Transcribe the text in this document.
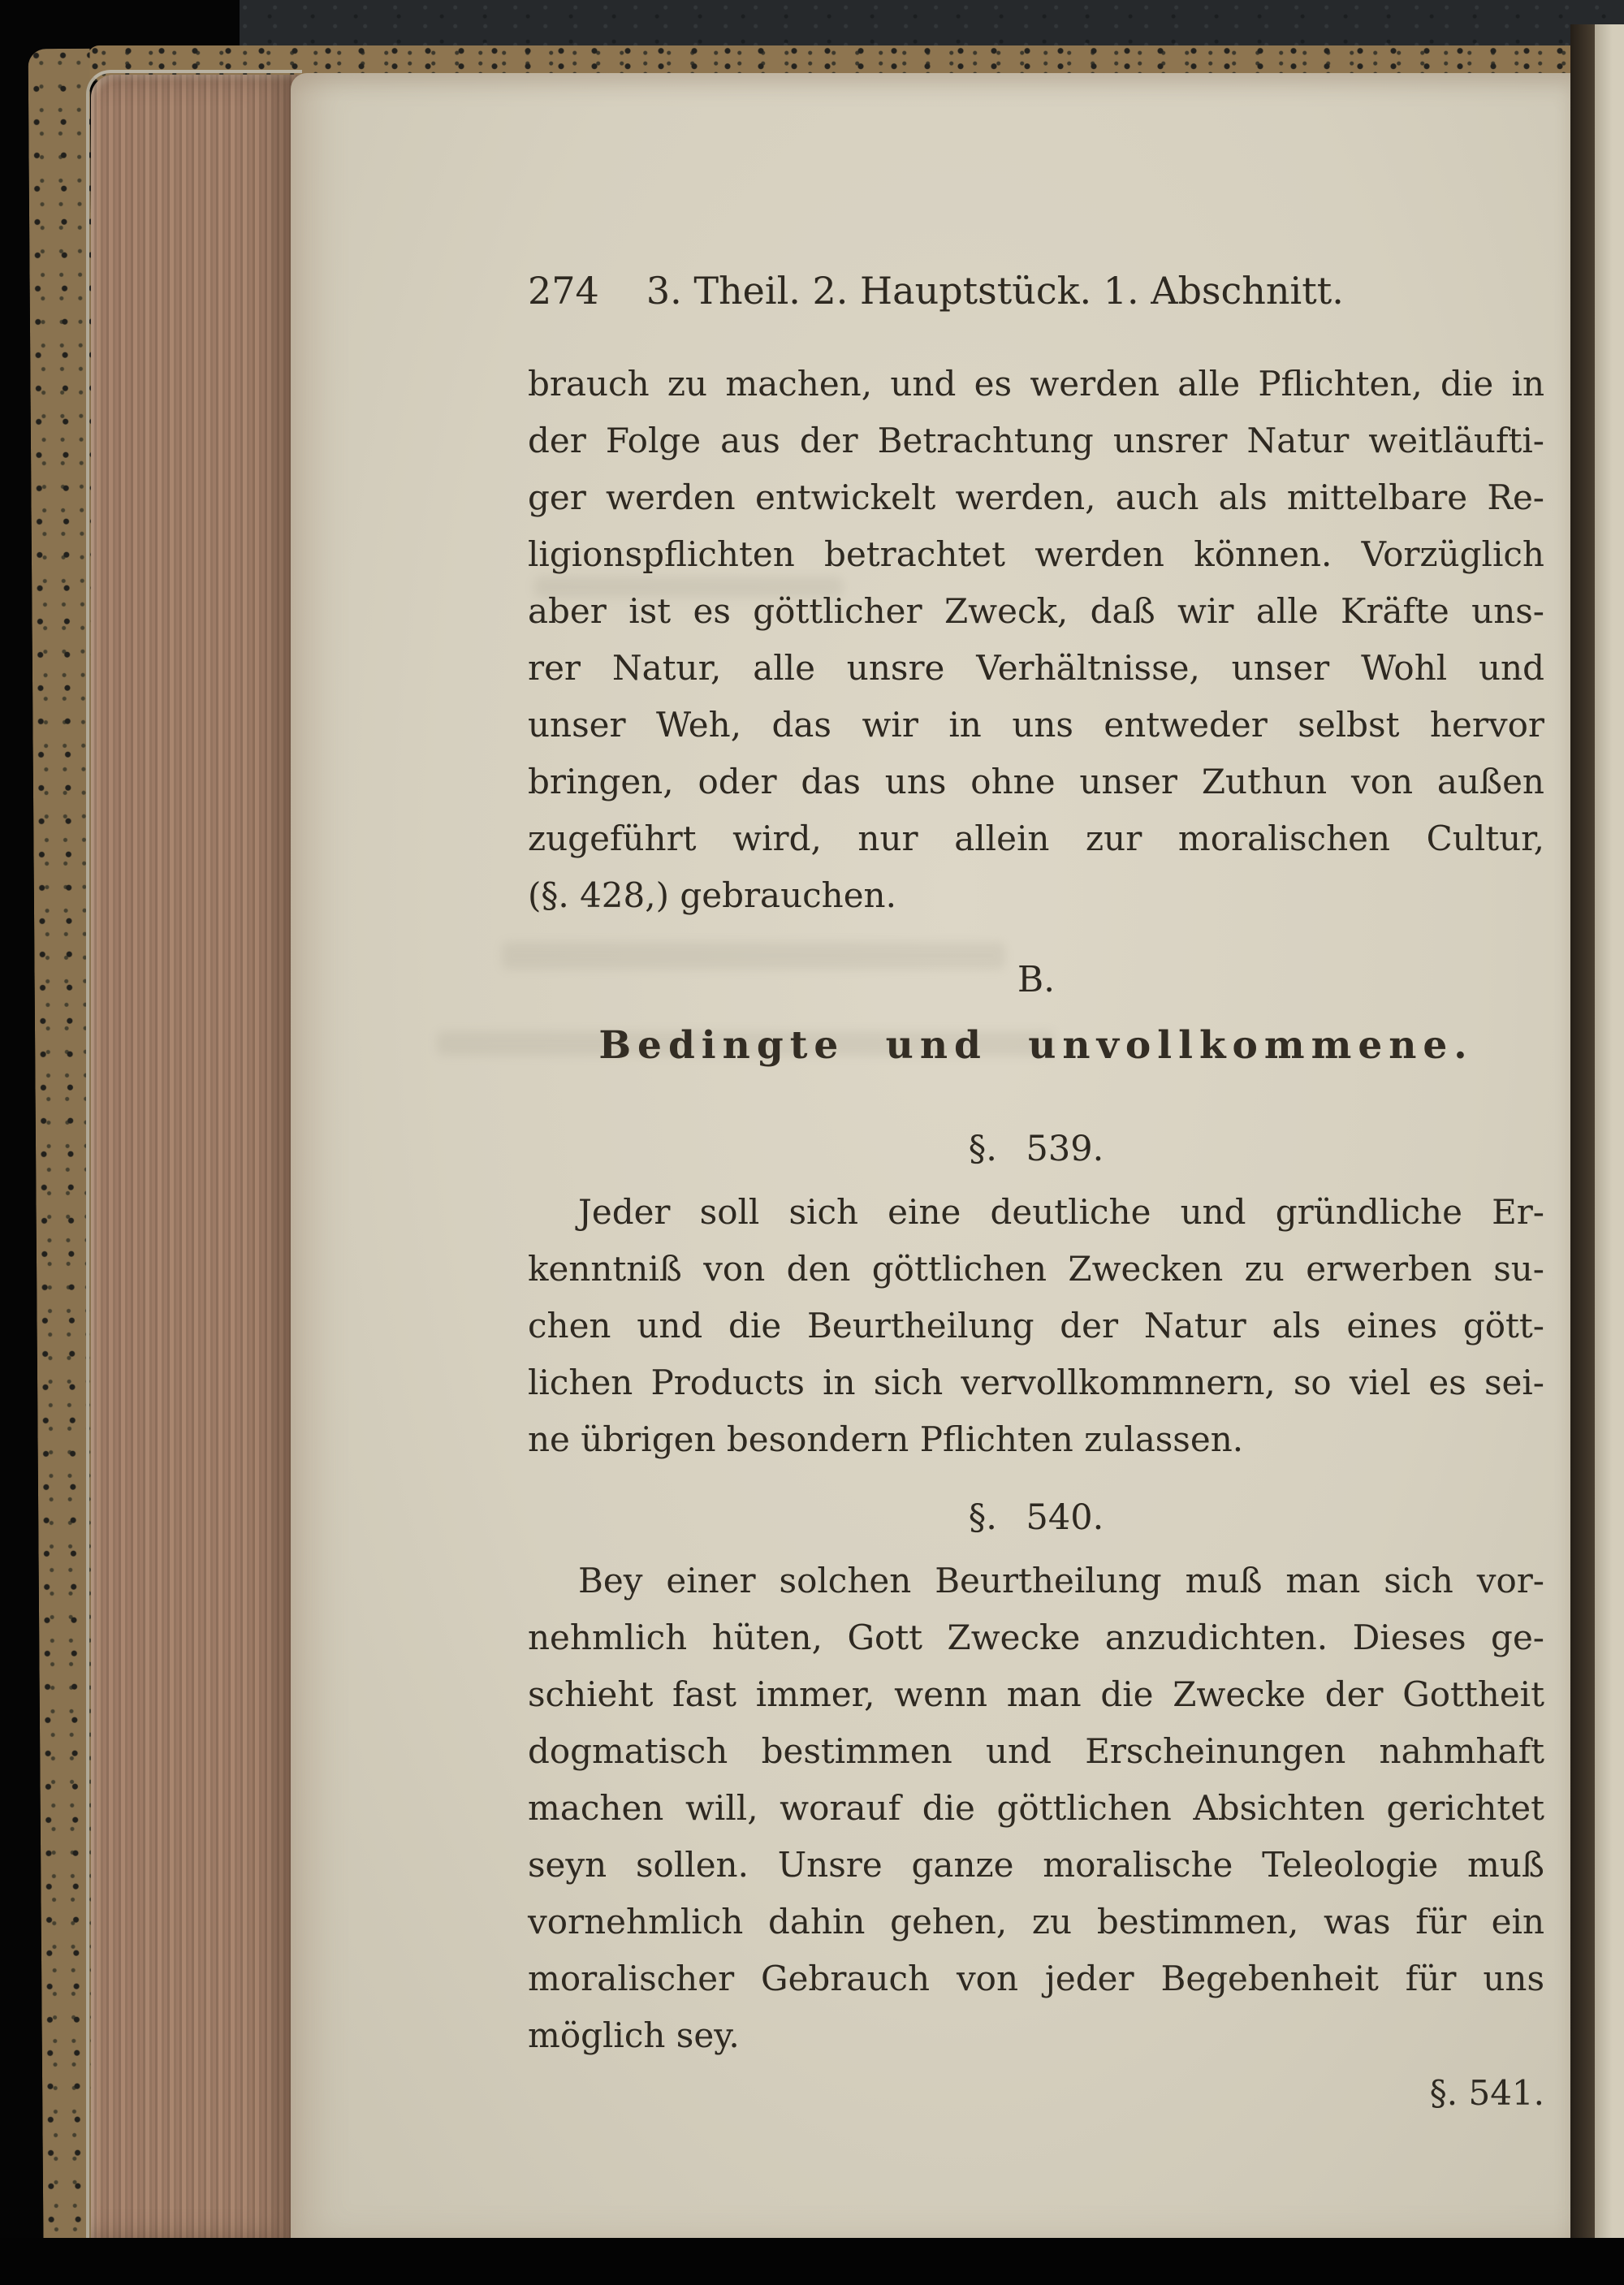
274 3. Theil. 2. Hauptstück. 1. Abschnitt.
brauch zu machen, und es werden alle Pflichten, die in
der Folge aus der Betrachtung unsrer Natur weitläufti-
ger werden entwickelt werden, auch als mittelbare Re-
ligionspflichten betrachtet werden können. Vorzüglich
aber ist es göttlicher Zweck, daß wir alle Kräfte uns-
rer Natur, alle unsre Verhältnisse, unser Wohl und
unser Weh, das wir in uns entweder selbst hervor
bringen, oder das uns ohne unser Zuthun von außen
zugeführt wird, nur allein zur moralischen Cultur,
(§. 428,) gebrauchen.
B.
Bedingte und unvollkommene.
§. 539.
Jeder soll sich eine deutliche und gründliche Er-
kenntniß von den göttlichen Zwecken zu erwerben su-
chen und die Beurtheilung der Natur als eines gött-
lichen Products in sich vervollkommnern, so viel es sei-
ne übrigen besondern Pflichten zulassen.
§. 540.
Bey einer solchen Beurtheilung muß man sich vor-
nehmlich hüten, Gott Zwecke anzudichten. Dieses ge-
schieht fast immer, wenn man die Zwecke der Gottheit
dogmatisch bestimmen und Erscheinungen nahmhaft
machen will, worauf die göttlichen Absichten gerichtet
seyn sollen. Unsre ganze moralische Teleologie muß
vornehmlich dahin gehen, zu bestimmen, was für ein
moralischer Gebrauch von jeder Begebenheit für uns
möglich sey.
§. 541.
